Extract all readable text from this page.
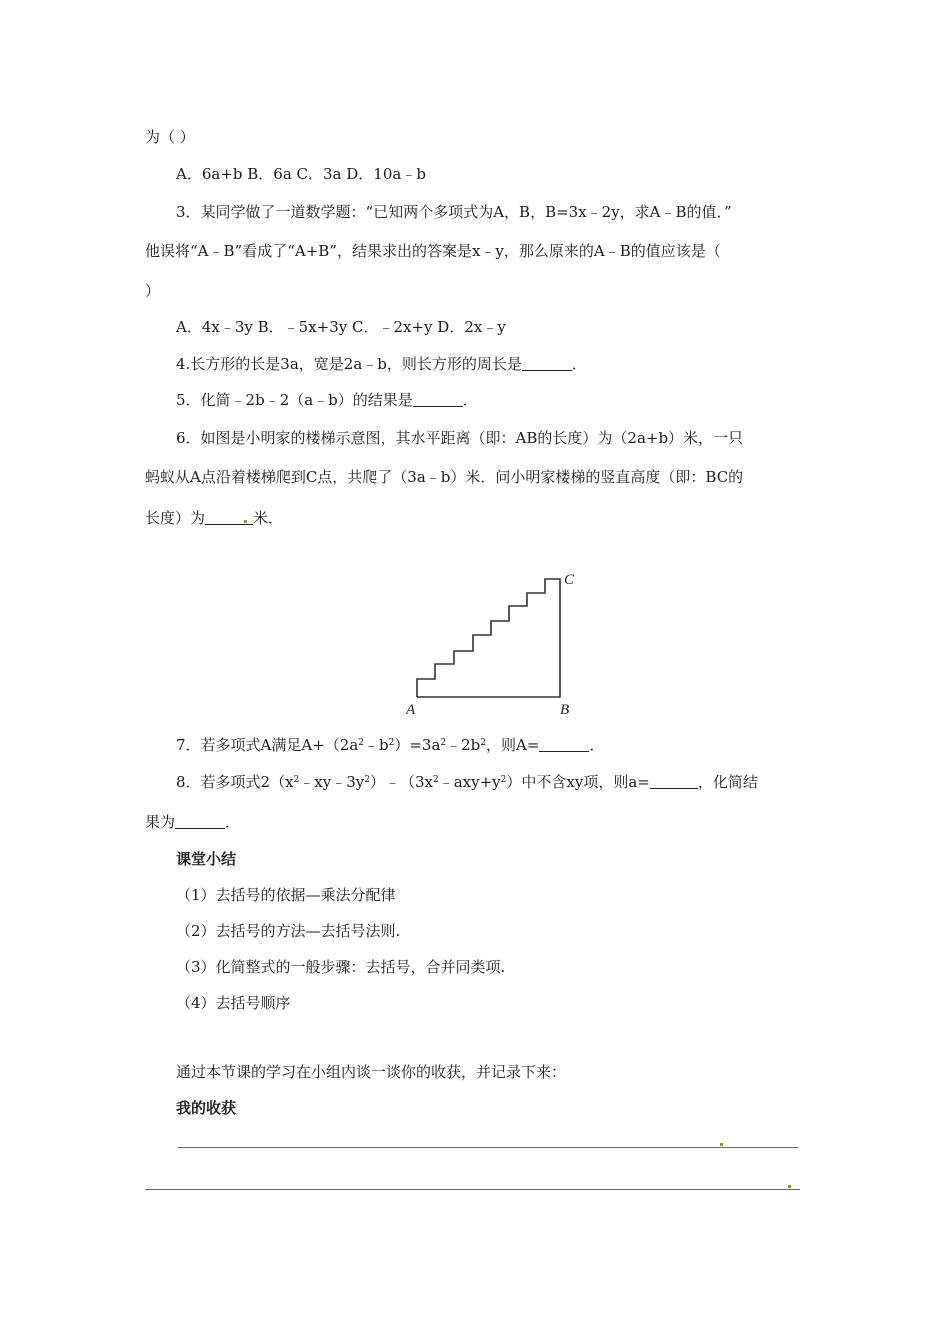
为（ ）
A．6a+b B．6a C．3a D．10a﹣b
3．某同学做了一道数学题：“已知两个多项式为A，B，B=3x﹣2y，求A﹣B的值．”
他误将“A﹣B”看成了“A+B”，结果求出的答案是x﹣y，那么原来的A﹣B的值应该是（
）
A．4x﹣3y B．﹣5x+3y C．﹣2x+y D．2x﹣y
4.长方形的长是3a，宽是2a﹣b，则长方形的周长是	．
5．化简﹣2b﹣2（a﹣b）的结果是	．
6．如图是小明家的楼梯示意图，其水平距离（即：AB的长度）为（2a+b）米，一只
蚂蚁从A点沿着楼梯爬到C点，共爬了（3a﹣b）米．问小明家楼梯的竖直高度（即：BC的
长度）为	米．
A	B
C
7．若多项式A满足$A+(2a^2﹣b^2)=3a^2﹣2b^2$，则A=	．
8．若多项式$2(x^2﹣xy﹣3y^2)﹣(3x^2﹣axy+y^2)$中不含xy项，则a=	，化简结
果为	．
课堂小结
（1）去括号的依据—乘法分配律
（2）去括号的方法—去括号法则.
（3）化简整式的一般步骤：去括号，合并同类项.
（4）去括号顺序
通过本节课的学习在小组内谈一谈你的收获，并记录下来：
我的收获
